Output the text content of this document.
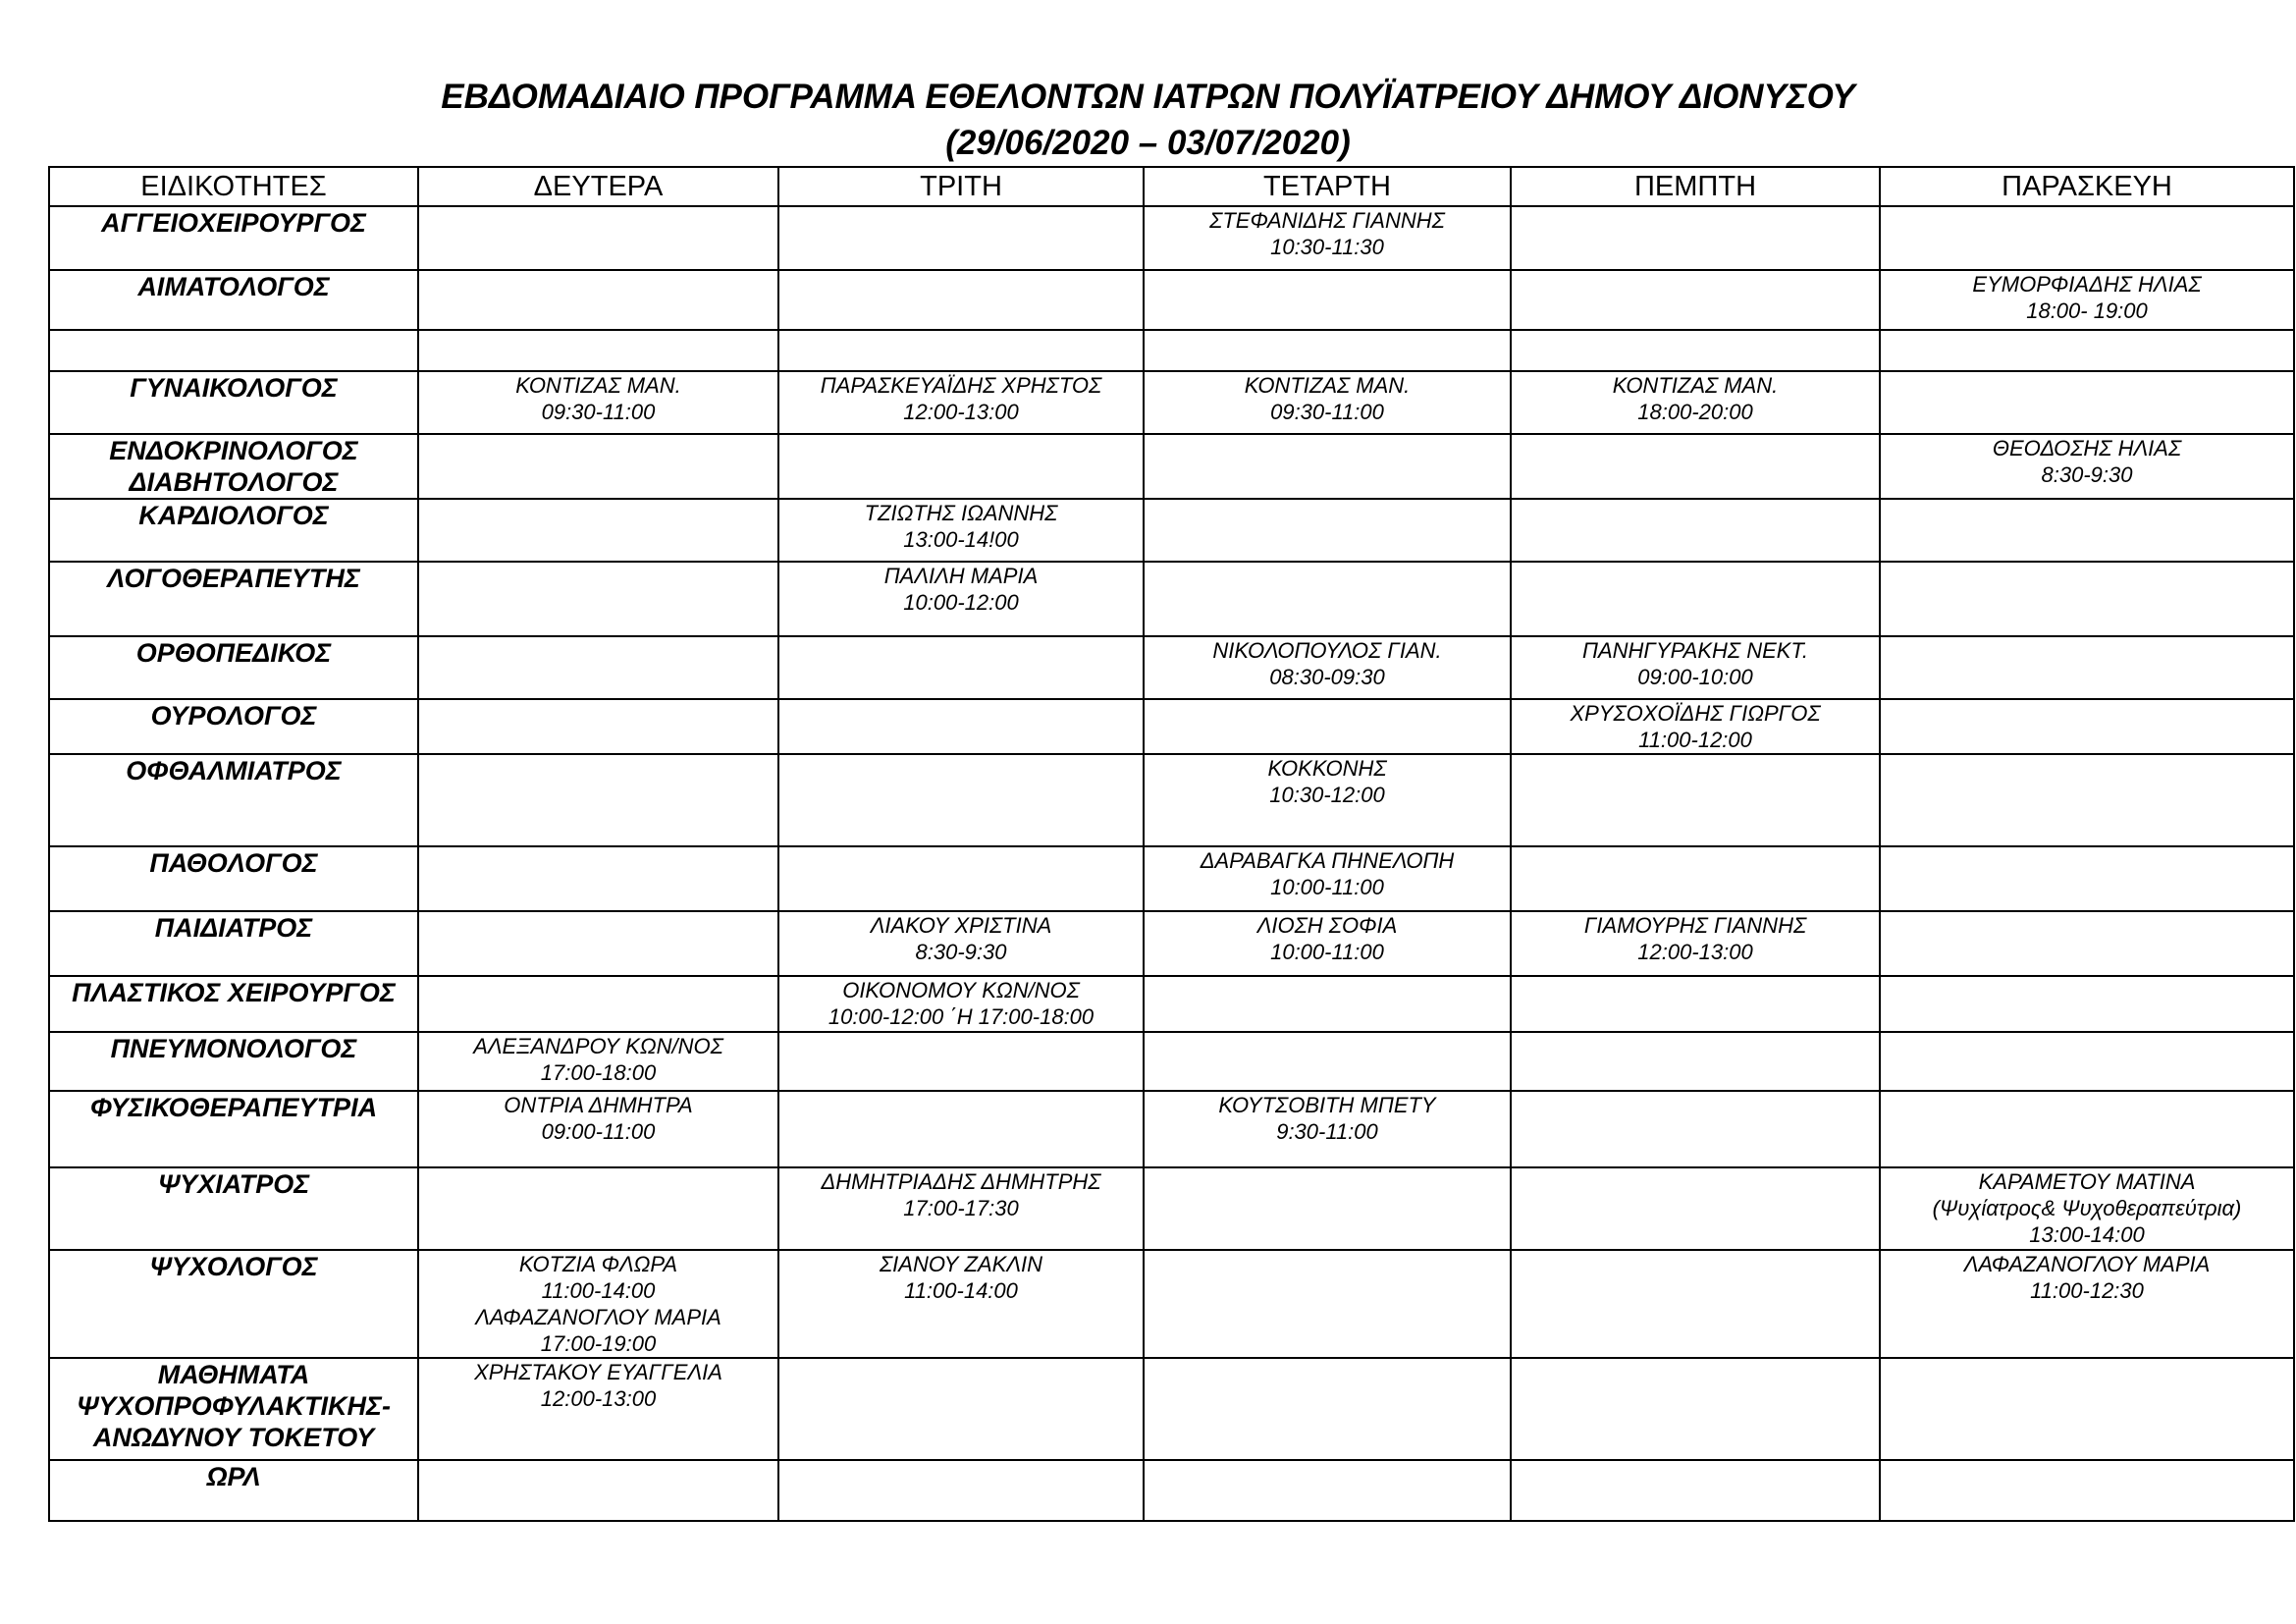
ΕΒΔΟΜΑΔΙΑΙΟ ΠΡΟΓΡΑΜΜΑ ΕΘΕΛΟΝΤΩΝ ΙΑΤΡΩΝ ΠΟΛΥΪΑΤΡΕΙΟΥ ΔΗΜΟΥ ΔΙΟΝΥΣΟΥ
(29/06/2020 – 03/07/2020)
ΕΙΔΙΚΟΤΗΤΕΣ	ΔΕΥΤΕΡΑ	ΤΡΙΤΗ	ΤΕΤΑΡΤΗ	ΠΕΜΠΤΗ	ΠΑΡΑΣΚΕΥΗ

ΑΓΓΕΙΟΧΕΙΡΟΥΡΓΟΣ			ΣΤΕΦΑΝΙΔΗΣ ΓΙΑΝΝΗΣ
10:30-11:30		

ΑΙΜΑΤΟΛΟΓΟΣ					ΕΥΜΟΡΦΙΑΔΗΣ ΗΛΙΑΣ
18:00- 19:00

ΓΥΝΑΙΚΟΛΟΓΟΣ	ΚΟΝΤΙΖΑΣ ΜΑΝ.
09:30-11:00	ΠΑΡΑΣΚΕΥΑΪΔΗΣ ΧΡΗΣΤΟΣ
12:00-13:00	ΚΟΝΤΙΖΑΣ ΜΑΝ.
09:30-11:00	ΚΟΝΤΙΖΑΣ ΜΑΝ.
18:00-20:00	

ΕΝΔΟΚΡΙΝΟΛΟΓΟΣ
ΔΙΑΒΗΤΟΛΟΓΟΣ					ΘΕΟΔΟΣΗΣ ΗΛΙΑΣ
8:30-9:30

ΚΑΡΔΙΟΛΟΓΟΣ		ΤΖΙΩΤΗΣ ΙΩΑΝΝΗΣ
13:00-14!00			

ΛΟΓΟΘΕΡΑΠΕΥΤΗΣ		ΠΑΛΙΛΗ ΜΑΡΙΑ
10:00-12:00			

ΟΡΘΟΠΕΔΙΚΟΣ			ΝΙΚΟΛΟΠΟΥΛΟΣ ΓΙΑΝ.
08:30-09:30	ΠΑΝΗΓΥΡΑΚΗΣ ΝΕΚΤ.
09:00-10:00	

ΟΥΡΟΛΟΓΟΣ				ΧΡΥΣΟΧΟΪΔΗΣ ΓΙΩΡΓΟΣ
11:00-12:00	

ΟΦΘΑΛΜΙΑΤΡΟΣ			ΚΟΚΚΟΝΗΣ
10:30-12:00		

ΠΑΘΟΛΟΓΟΣ			ΔΑΡΑΒΑΓΚΑ ΠΗΝΕΛΟΠΗ
10:00-11:00		

ΠΑΙΔΙΑΤΡΟΣ		ΛΙΑΚΟΥ ΧΡΙΣΤΙΝΑ
8:30-9:30	ΛΙΟΣΗ ΣΟΦΙΑ
10:00-11:00	ΓΙΑΜΟΥΡΗΣ ΓΙΑΝΝΗΣ
12:00-13:00	

ΠΛΑΣΤΙΚΟΣ ΧΕΙΡΟΥΡΓΟΣ		ΟΙΚΟΝΟΜΟΥ ΚΩΝ/ΝΟΣ
10:00-12:00 ΄Η 17:00-18:00			

ΠΝΕΥΜΟΝΟΛΟΓΟΣ	ΑΛΕΞΑΝΔΡΟΥ ΚΩΝ/ΝΟΣ
17:00-18:00				

ΦΥΣΙΚΟΘΕΡΑΠΕΥΤΡΙΑ	ΟΝΤΡΙΑ ΔΗΜΗΤΡΑ
09:00-11:00		ΚΟΥΤΣΟΒΙΤΗ ΜΠΕΤΥ
9:30-11:00		

ΨΥΧΙΑΤΡΟΣ		ΔΗΜΗΤΡΙΑΔΗΣ ΔΗΜΗΤΡΗΣ
17:00-17:30			ΚΑΡΑΜΕΤΟΥ ΜΑΤΙΝΑ
(Ψυχίατρος& Ψυχοθεραπεύτρια)
13:00-14:00

ΨΥΧΟΛΟΓΟΣ	ΚΟΤΖΙΑ ΦΛΩΡΑ
11:00-14:00
ΛΑΦΑΖΑΝΟΓΛΟΥ ΜΑΡΙΑ
17:00-19:00	ΣΙΑΝΟΥ ΖΑΚΛΙΝ
11:00-14:00			ΛΑΦΑΖΑΝΟΓΛΟΥ ΜΑΡΙΑ
11:00-12:30

ΜΑΘΗΜΑΤΑ
ΨΥΧΟΠΡΟΦΥΛΑΚΤΙΚΗΣ-
ΑΝΩΔΥΝΟΥ ΤΟΚΕΤΟΥ	ΧΡΗΣΤΑΚΟΥ ΕΥΑΓΓΕΛΙΑ
12:00-13:00				

ΩΡΛ					
